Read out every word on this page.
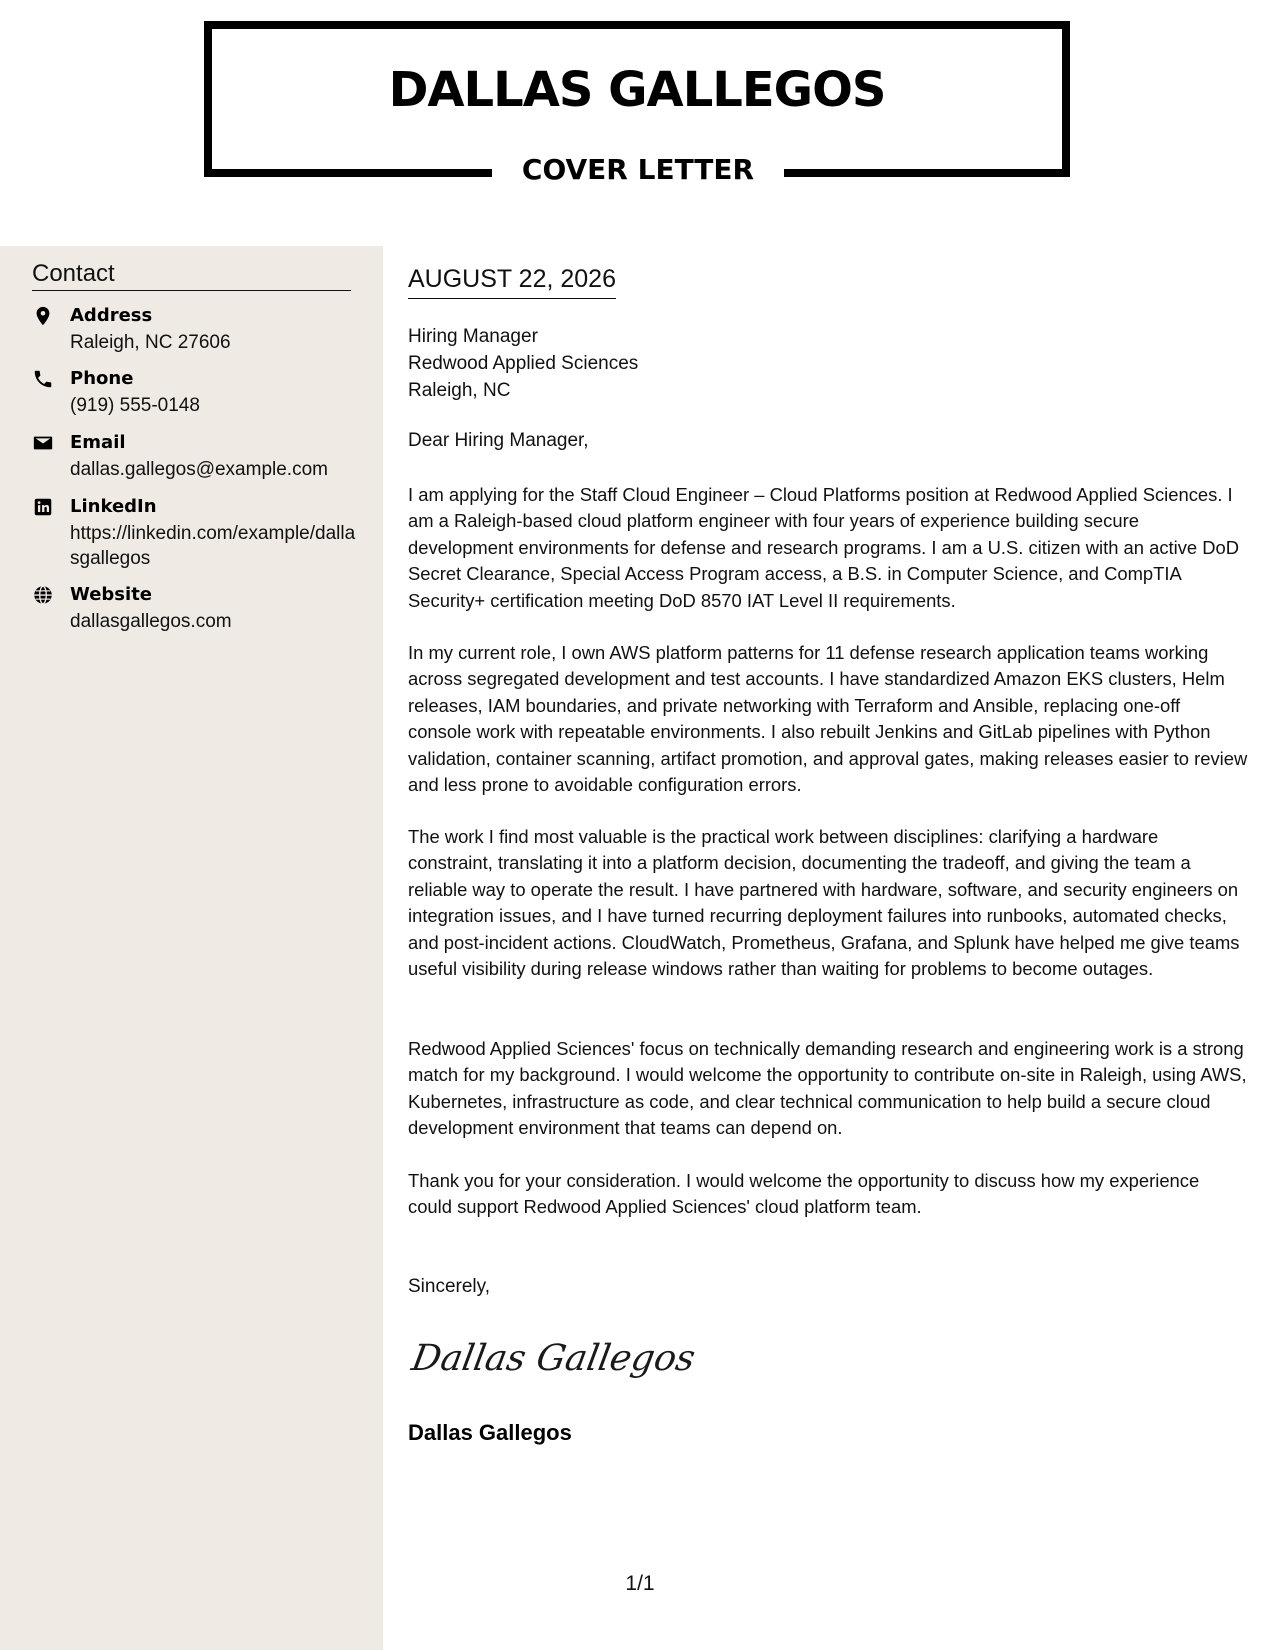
DALLAS GALLEGOS
COVER LETTER
Contact
Address
Raleigh, NC 27606
Phone
(919) 555-0148
Email
dallas.gallegos@example.com
LinkedIn
https://linkedin.com/example/dallasgallegos
Website
dallasgallegos.com
AUGUST 22, 2026
Hiring Manager
Redwood Applied Sciences
Raleigh, NC
Dear Hiring Manager,

I am applying for the Staff Cloud Engineer – Cloud Platforms position at Redwood Applied Sciences. I am a Raleigh-based cloud platform engineer with four years of experience building secure development environments for defense and research programs. I am a U.S. citizen with an active DoD Secret Clearance, Special Access Program access, a B.S. in Computer Science, and CompTIA Security+ certification meeting DoD 8570 IAT Level II requirements.

In my current role, I own AWS platform patterns for 11 defense research application teams working across segregated development and test accounts. I have standardized Amazon EKS clusters, Helm releases, IAM boundaries, and private networking with Terraform and Ansible, replacing one-off console work with repeatable environments. I also rebuilt Jenkins and GitLab pipelines with Python validation, container scanning, artifact promotion, and approval gates, making releases easier to review and less prone to avoidable configuration errors.

The work I find most valuable is the practical work between disciplines: clarifying a hardware constraint, translating it into a platform decision, documenting the tradeoff, and giving the team a reliable way to operate the result. I have partnered with hardware, software, and security engineers on integration issues, and I have turned recurring deployment failures into runbooks, automated checks, and post-incident actions. CloudWatch, Prometheus, Grafana, and Splunk have helped me give teams useful visibility during release windows rather than waiting for problems to become outages.

Redwood Applied Sciences' focus on technically demanding research and engineering work is a strong match for my background. I would welcome the opportunity to contribute on-site in Raleigh, using AWS, Kubernetes, infrastructure as code, and clear technical communication to help build a secure cloud development environment that teams can depend on.

Thank you for your consideration. I would welcome the opportunity to discuss how my experience could support Redwood Applied Sciences' cloud platform team.

Sincerely,
Dallas Gallegos
Dallas Gallegos
1/1
